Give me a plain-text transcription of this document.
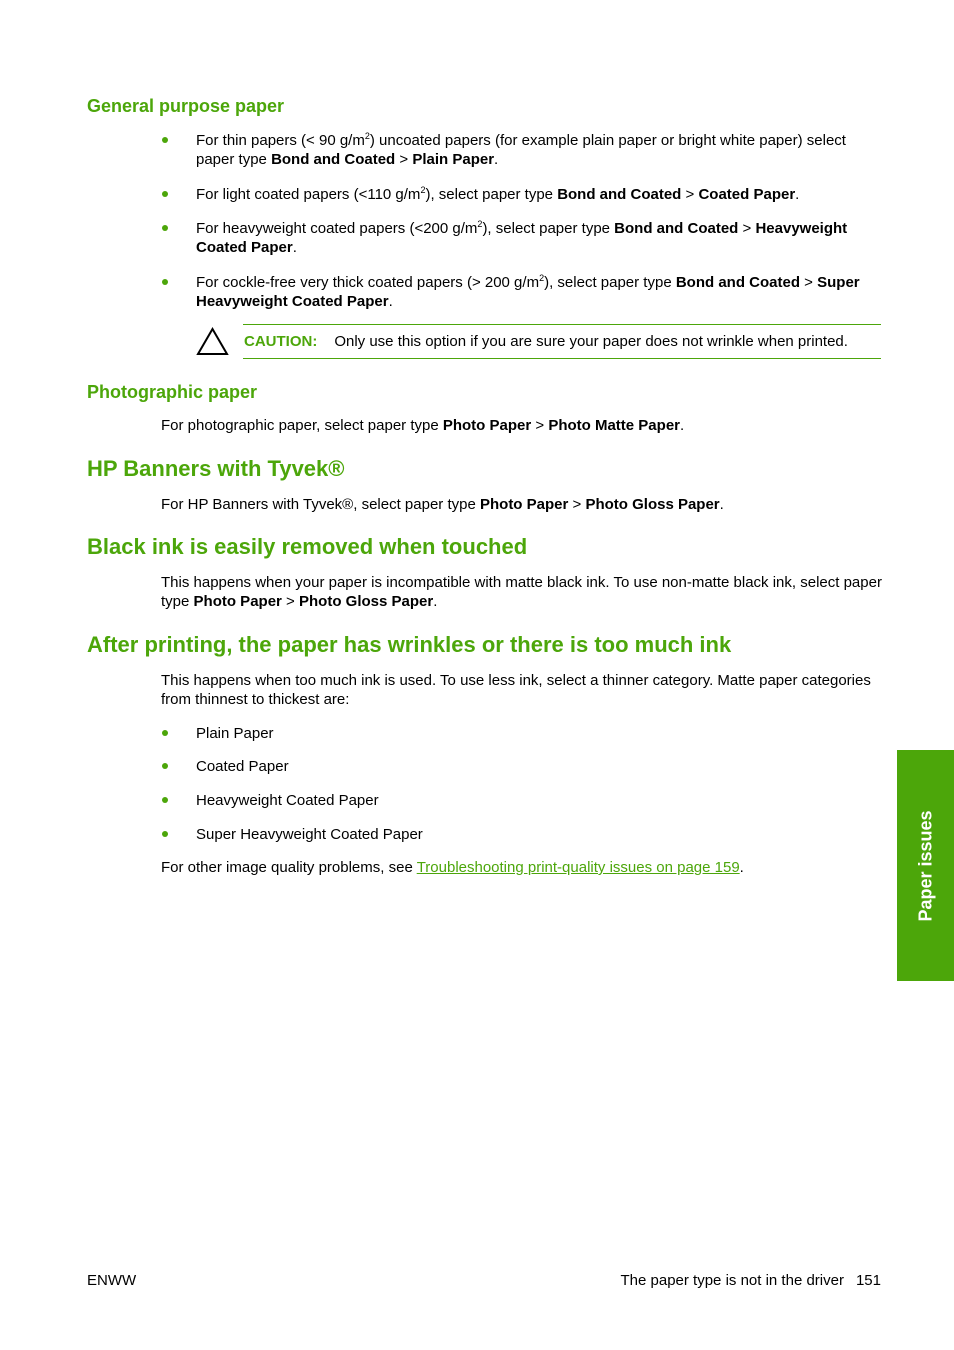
General purpose paper
For thin papers (< 90 $g/m^2$) uncoated papers (for example plain paper or bright white paper) select paper type Bond and Coated > Plain Paper.
For light coated papers (<110 $g/m^2$), select paper type Bond and Coated > Coated Paper.
For heavyweight coated papers (<200 $g/m^2$), select paper type Bond and Coated > Heavyweight Coated Paper.
For cockle-free very thick coated papers (> 200 $g/m^2$), select paper type Bond and Coated > Super Heavyweight Coated Paper.
CAUTION: Only use this option if you are sure your paper does not wrinkle when printed.
Photographic paper
For photographic paper, select paper type Photo Paper > Photo Matte Paper.
HP Banners with Tyvek®
For HP Banners with Tyvek®, select paper type Photo Paper > Photo Gloss Paper.
Black ink is easily removed when touched
This happens when your paper is incompatible with matte black ink. To use non-matte black ink, select paper type Photo Paper > Photo Gloss Paper.
After printing, the paper has wrinkles or there is too much ink
This happens when too much ink is used. To use less ink, select a thinner category. Matte paper categories from thinnest to thickest are:
Plain Paper
Coated Paper
Heavyweight Coated Paper
Super Heavyweight Coated Paper
For other image quality problems, see Troubleshooting print-quality issues on page 159.	Paper issues
ENWW	The paper type is not in the driver 151
